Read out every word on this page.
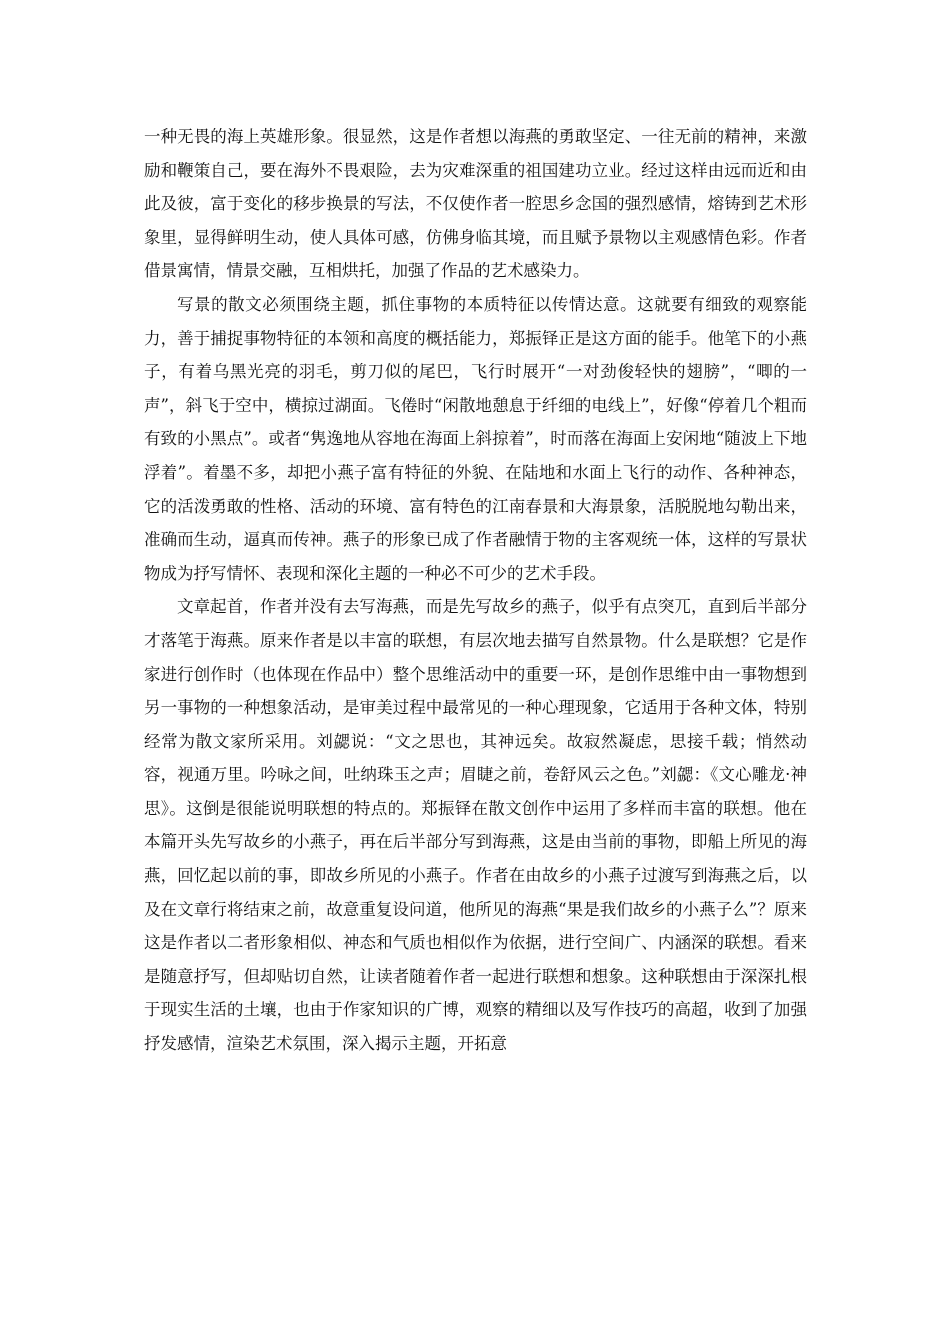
一种无畏的海上英雄形象。很显然，这是作者想以海燕的勇敢坚定、一往无前的精神，来激励和鞭策自己，要在海外不畏艰险，去为灾难深重的祖国建功立业。经过这样由远而近和由此及彼，富于变化的移步换景的写法，不仅使作者一腔思乡念国的强烈感情，熔铸到艺术形象里，显得鲜明生动，使人具体可感，仿佛身临其境，而且赋予景物以主观感情色彩。作者借景寓情，情景交融，互相烘托，加强了作品的艺术感染力。

写景的散文必须围绕主题，抓住事物的本质特征以传情达意。这就要有细致的观察能力，善于捕捉事物特征的本领和高度的概括能力，郑振铎正是这方面的能手。他笔下的小燕子，有着乌黑光亮的羽毛，剪刀似的尾巴，飞行时展开“一对劲俊轻快的翅膀”，“唧的一声”，斜飞于空中，横掠过湖面。飞倦时“闲散地憩息于纤细的电线上”，好像“停着几个粗而有致的小黑点”。或者“隽逸地从容地在海面上斜掠着”，时而落在海面上安闲地“随波上下地浮着”。着墨不多，却把小燕子富有特征的外貌、在陆地和水面上飞行的动作、各种神态，它的活泼勇敢的性格、活动的环境、富有特色的江南春景和大海景象，活脱脱地勾勒出来，准确而生动，逼真而传神。燕子的形象已成了作者融情于物的主客观统一体，这样的写景状物成为抒写情怀、表现和深化主题的一种必不可少的艺术手段。

文章起首，作者并没有去写海燕，而是先写故乡的燕子，似乎有点突兀，直到后半部分才落笔于海燕。原来作者是以丰富的联想，有层次地去描写自然景物。什么是联想？它是作家进行创作时（也体现在作品中）整个思维活动中的重要一环，是创作思维中由一事物想到另一事物的一种想象活动，是审美过程中最常见的一种心理现象，它适用于各种文体，特别经常为散文家所采用。刘勰说：“文之思也，其神远矣。故寂然凝虑，思接千载；悄然动容，视通万里。吟咏之间，吐纳珠玉之声；眉睫之前，卷舒风云之色。”刘勰：《文心雕龙·神思》。这倒是很能说明联想的特点的。郑振铎在散文创作中运用了多样而丰富的联想。他在本篇开头先写故乡的小燕子，再在后半部分写到海燕，这是由当前的事物，即船上所见的海燕，回忆起以前的事，即故乡所见的小燕子。作者在由故乡的小燕子过渡写到海燕之后，以及在文章行将结束之前，故意重复设问道，他所见的海燕“果是我们故乡的小燕子么”？原来这是作者以二者形象相似、神态和气质也相似作为依据，进行空间广、内涵深的联想。看来是随意抒写，但却贴切自然，让读者随着作者一起进行联想和想象。这种联想由于深深扎根于现实生活的土壤，也由于作家知识的广博，观察的精细以及写作技巧的高超，收到了加强抒发感情，渲染艺术氛围，深入揭示主题，开拓意
